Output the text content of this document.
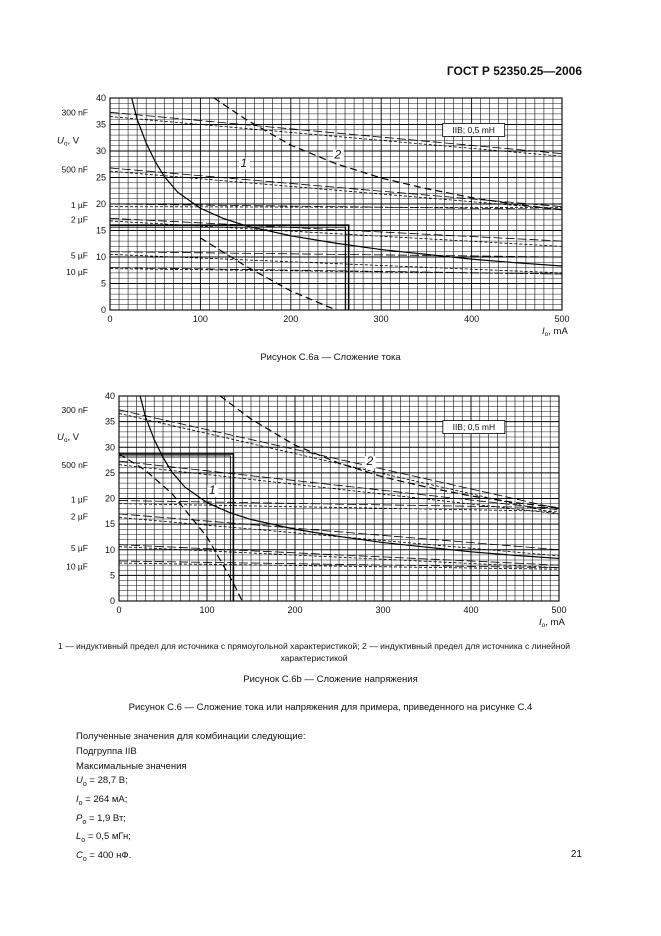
ГОСТ Р 52350.25—2006
0	100	200	300	400	500
0
5
10
15
20
25
30
35
40
$U_o$, V
$I_o$, mA
300 nF
500 nF
1 µF
2 µF
5 µF
10 µF
1
2
IIB; 0,5 mH
Рисунок С.6а — Сложение тока
0	100	200	300	400	500
0
5
10
15
20
25
30
35
40
$U_o$, V
$I_o$, mA
300 nF
500 nF
1 µF
2 µF
5 µF
10 µF
1
2
IIB; 0,5 mH
1 — индуктивный предел для источника с прямоугольной характеристикой; 2 — индуктивный предел для источника с линейной характеристикой
Рисунок С.6b — Сложение напряжения
Рисунок С.6 — Сложение тока или напряжения для примера, приведенного на рисунке С.4
Полученные значения для комбинации следующие:
Подгруппа IIB
Максимальные значения
$U_o = 28,7$ В;
$I_o = 264$ мА;
$P_o = 1,9$ Вт;
$L_o = 0,5$ мГн;
$C_o = 400$ нФ.	21
